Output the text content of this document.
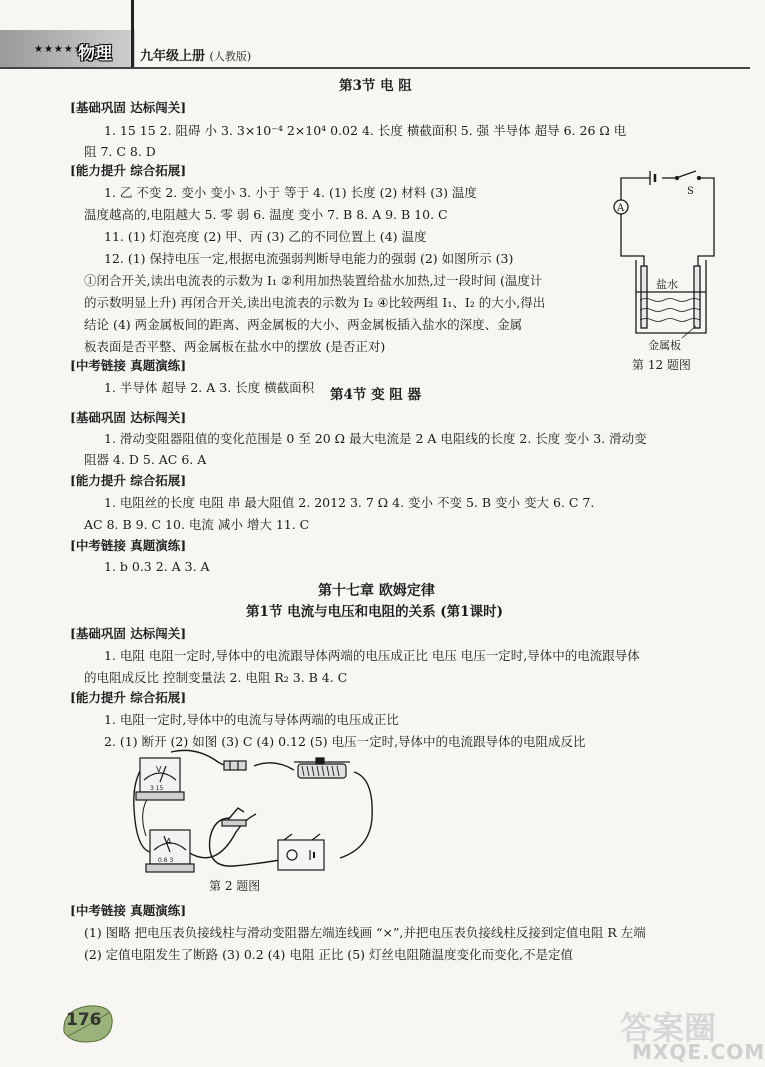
★★★★★
物理 九年级上册 (人教版)
第3节 电 阻
[基础巩固 达标闯关]
1. 15 15 2. 阻碍 小 3. 3×10⁻⁴ 2×10⁴ 0.02 4. 长度 横截面积 5. 强 半导体 超导 6. 26 Ω 电
阻 7. C 8. D
[能力提升 综合拓展]
1. 乙 不变 2. 变小 变小 3. 小于 等于 4. (1) 长度 (2) 材料 (3) 温度
温度越高的,电阻越大 5. 零 弱 6. 温度 变小 7. B 8. A 9. B 10. C
11. (1) 灯泡亮度 (2) 甲、丙 (3) 乙的不同位置上 (4) 温度
12. (1) 保持电压一定,根据电流强弱判断导电能力的强弱 (2) 如图所示 (3)
①闭合开关,读出电流表的示数为 I₁ ②利用加热装置给盐水加热,过一段时间 (温度计
的示数明显上升) 再闭合开关,读出电流表的示数为 I₂ ④比较两组 I₁、I₂ 的大小,得出
结论 (4) 两金属板间的距离、两金属板的大小、两金属板插入盐水的深度、金属
板表面是否平整、两金属板在盐水中的摆放 (是否正对)
[中考链接 真题演练]
1. 半导体 超导 2. A 3. 长度 横截面积
A
S
盐水
金属板
第 12 题图
第4节 变 阻 器
[基础巩固 达标闯关]
1. 滑动变阻器阻值的变化范围是 0 至 20 Ω 最大电流是 2 A 电阻线的长度 2. 长度 变小 3. 滑动变
阻器 4. D 5. AC 6. A
[能力提升 综合拓展]
1. 电阻丝的长度 电阻 串 最大阻值 2. 2012 3. 7 Ω 4. 变小 不变 5. B 变小 变大 6. C 7.
AC 8. B 9. C 10. 电流 减小 增大 11. C
[中考链接 真题演练]
1. b 0.3 2. A 3. A
第十七章 欧姆定律
第1节 电流与电压和电阻的关系 (第1课时)
[基础巩固 达标闯关]
1. 电阻 电阻一定时,导体中的电流跟导体两端的电压成正比 电压 电压一定时,导体中的电流跟导体
的电阻成反比 控制变量法 2. 电阻 R₂ 3. B 4. C
[能力提升 综合拓展]
1. 电阻一定时,导体中的电流与导体两端的电压成正比
2. (1) 断开 (2) 如图 (3) C (4) 0.12 (5) 电压一定时,导体中的电流跟导体的电阻成反比
V
3 15
A
0.6 3
第 2 题图
[中考链接 真题演练]
(1) 图略 把电压表负接线柱与滑动变阻器左端连线画 “×”,并把电压表负接线柱反接到定值电阻 R 左端
(2) 定值电阻发生了断路 (3) 0.2 (4) 电阻 正比 (5) 灯丝电阻随温度变化而变化,不是定值
176	答案圈
MXQE.COM
